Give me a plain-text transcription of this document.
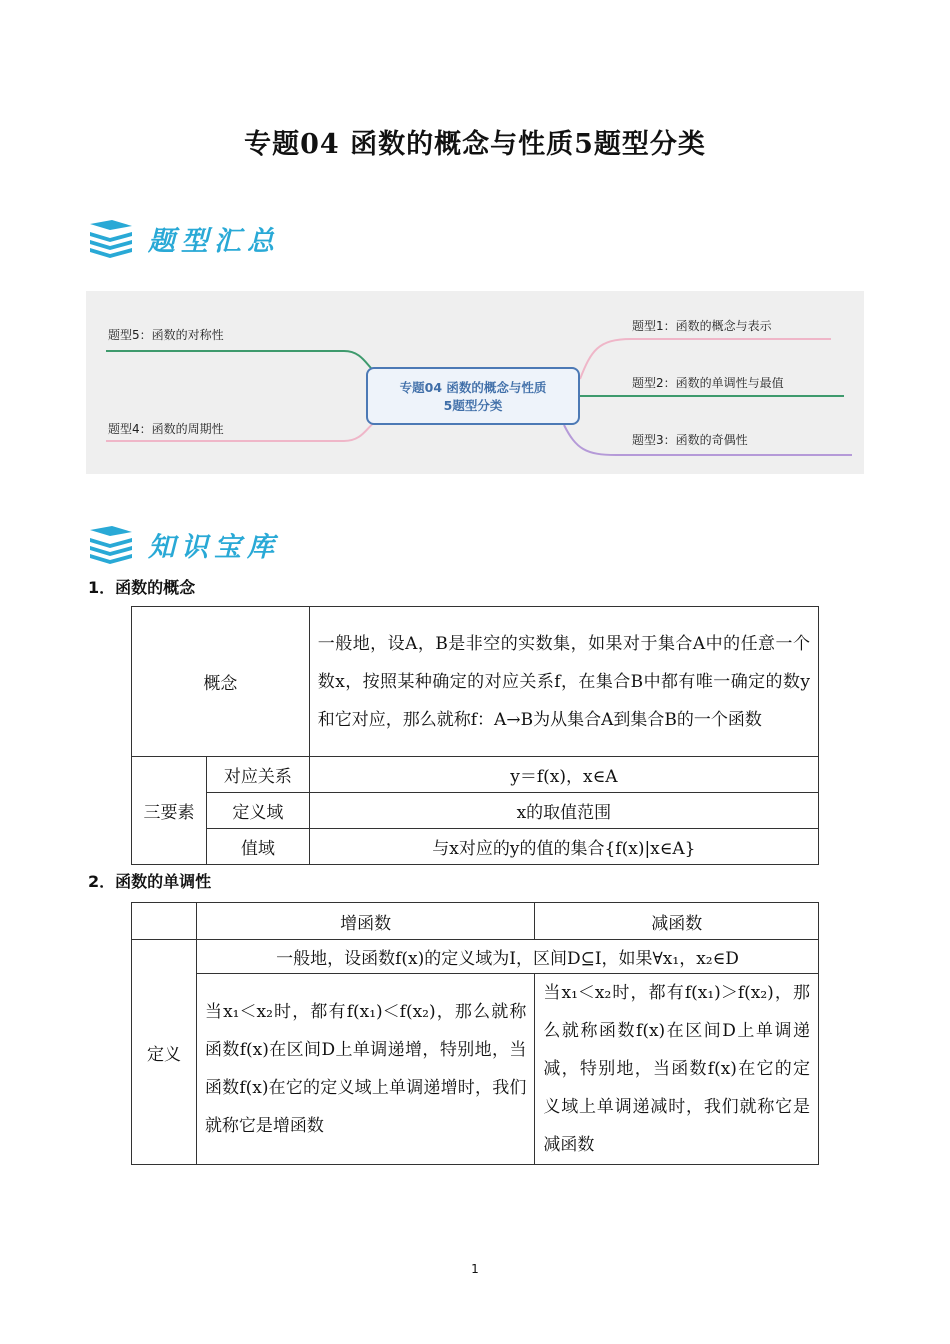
专题04 函数的概念与性质5题型分类
题型汇总
题型5：函数的对称性
题型4：函数的周期性
题型1：函数的概念与表示
题型2：函数的单调性与最值
题型3：函数的奇偶性
专题04 函数的概念与性质
5题型分类
知识宝库
1．函数的概念
概念		一般地，设A，B是非空的实数集，如果对于集合A中的任意一个数x，按照某种确定的对应关系f，在集合B中都有唯一确定的数y和它对应，那么就称f：A→B为从集合A到集合B的一个函数
三要素	对应关系	y＝f(x)，x∈A
	定义域	x的取值范围
	值域	与x对应的y的值的集合{f(x)|x∈A}
2．函数的单调性
	增函数	减函数
定义	一般地，设函数f(x)的定义域为I，区间D⊆I，如果∀x₁，x₂∈D	
	当x₁＜x₂时，都有f(x₁)＜f(x₂)，那么就称函数f(x)在区间D上单调递增，特别地，当函数f(x)在它的定义域上单调递增时，我们就称它是增函数	当x₁＜x₂时，都有f(x₁)＞f(x₂)，那么就称函数f(x)在区间D上单调递减，特别地，当函数f(x)在它的定义域上单调递减时，我们就称它是减函数
1
